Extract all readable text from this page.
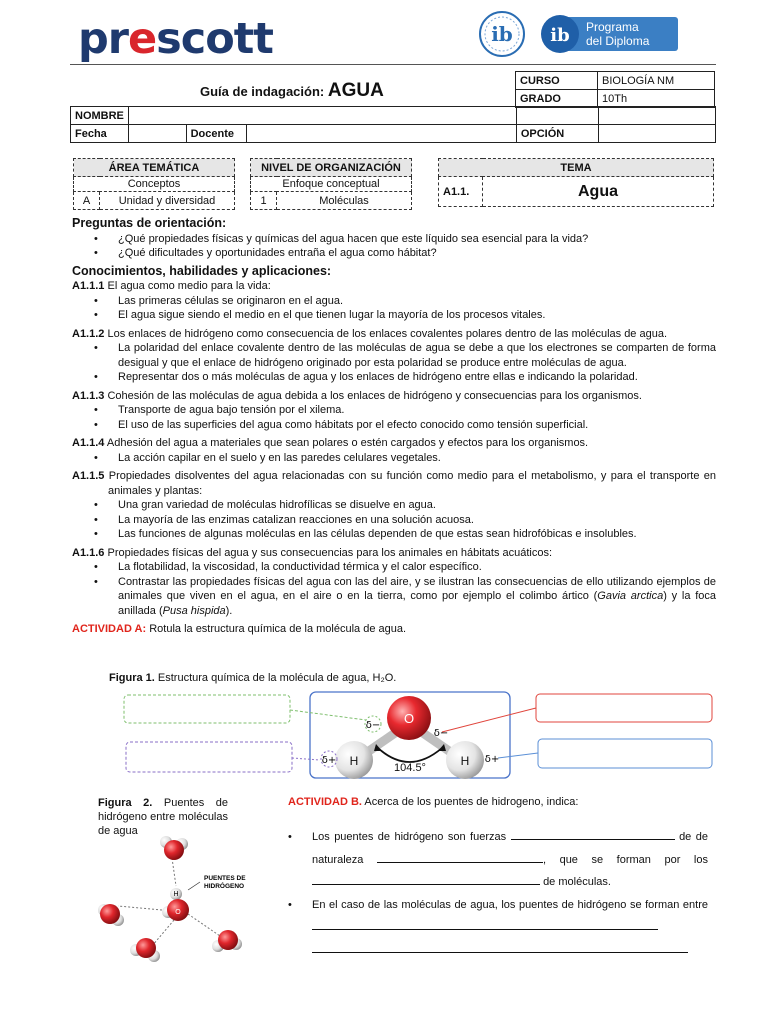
prescott	ib ib Programa
del Diploma
Guía de indagación: AGUA	CURSO	BIOLOGÍA NM
GRADO	10Th
NOMBRE					
Fecha		Docente		OPCIÓN	
ÁREA TEMÁTICA
Conceptos
A	Unidad y diversidad
NIVEL DE ORGANIZACIÓN
Enfoque conceptual
1	Moléculas
TEMA
A1.1.	Agua
Preguntas de orientación:
• ¿Qué propiedades físicas y químicas del agua hacen que este líquido sea esencial para la vida?
• ¿Qué dificultades y oportunidades entraña el agua como hábitat?
Conocimientos, habilidades y aplicaciones:
A1.1.1 El agua como medio para la vida:
• Las primeras células se originaron en el agua.
• El agua sigue siendo el medio en el que tienen lugar la mayoría de los procesos vitales.
A1.1.2 Los enlaces de hidrógeno como consecuencia de los enlaces covalentes polares dentro de las moléculas de agua.
• La polaridad del enlace covalente dentro de las moléculas de agua se debe a que los electrones se comparten de forma desigual y que el enlace de hidrógeno originado por esta polaridad se produce entre moléculas de agua.
• Representar dos o más moléculas de agua y los enlaces de hidrógeno entre ellas e indicando la polaridad.
A1.1.3 Cohesión de las moléculas de agua debida a los enlaces de hidrógeno y consecuencias para los organismos.
• Transporte de agua bajo tensión por el xilema.
• El uso de las superficies del agua como hábitats por el efecto conocido como tensión superficial.
A1.1.4 Adhesión del agua a materiales que sean polares o estén cargados y efectos para los organismos.
• La acción capilar en el suelo y en las paredes celulares vegetales.
A1.1.5 Propiedades disolventes del agua relacionadas con su función como medio para el metabolismo, y para el transporte en animales y plantas:
• Una gran variedad de moléculas hidrofílicas se disuelve en agua.
• La mayoría de las enzimas catalizan reacciones en una solución acuosa.
• Las funciones de algunas moléculas en las células dependen de que estas sean hidrofóbicas e insolubles.
A1.1.6 Propiedades físicas del agua y sus consecuencias para los animales en hábitats acuáticos:
• La flotabilidad, la viscosidad, la conductividad térmica y el calor específico.
• Contrastar las propiedades físicas del agua con las del aire, y se ilustran las consecuencias de ello utilizando ejemplos de animales que viven en el agua, en el aire o en la tierra, como por ejemplo el colimbo ártico (Gavia arctica) y la foca anillada (Pusa hispida).
ACTIVIDAD A: Rotula la estructura química de la molécula de agua.
Figura 1. Estructura química de la molécula de agua, H₂O.
O
H	H
104.5°
δ−
δ−
δ+	δ+
Figura 2. Puentes de hidrógeno entre moléculas de agua
H
O
PUENTES DE
HIDRÓGENO
ACTIVIDAD B. Acerca de los puentes de hidrogeno, indica:
• Los puentes de hidrógeno son fuerzas	de de naturaleza	, que se forman por los  de moléculas.
• En el caso de las moléculas de agua, los puentes de hidrógeno se forman entre
